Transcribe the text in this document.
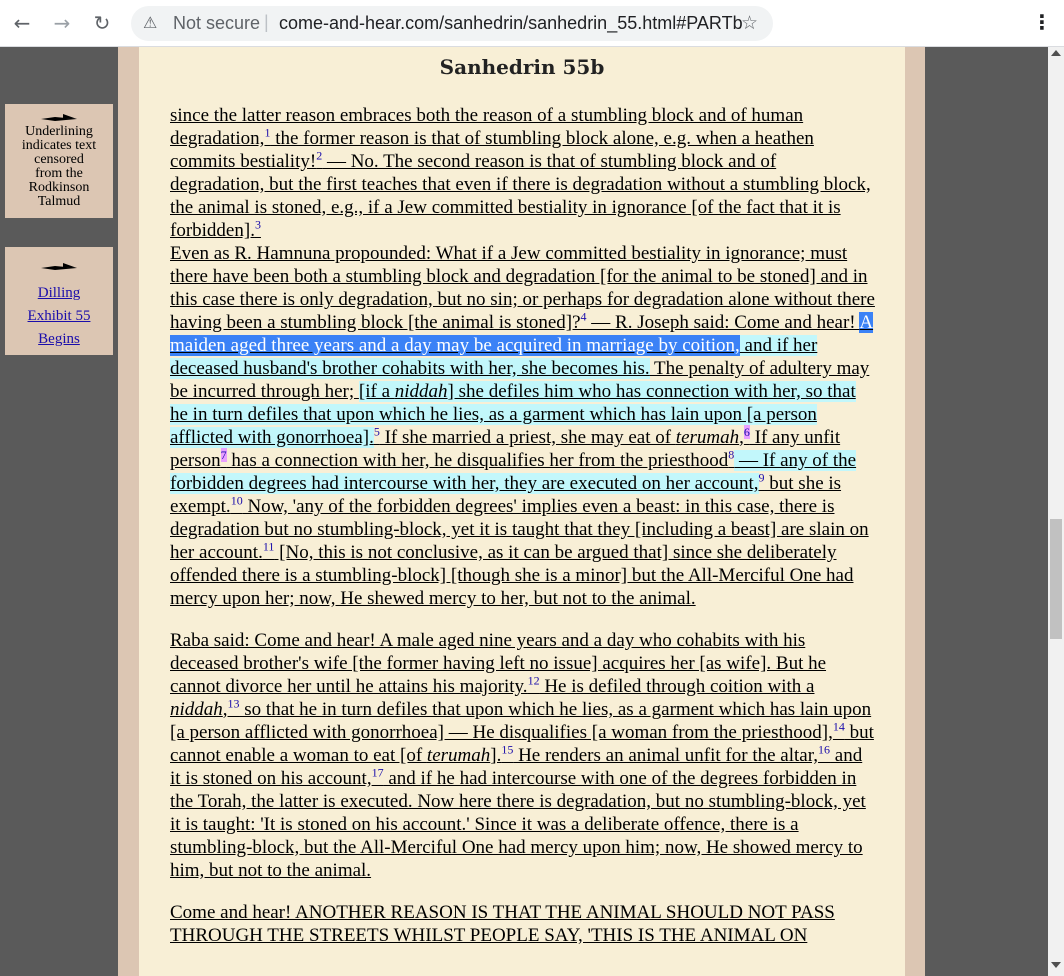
← → ↻ ⚠ Not secure | come-and-hear.com/sanhedrin/sanhedrin_55.html#PARTb
☆	⋮
Sanhedrin 55b

since the latter reason embraces both the reason of a stumbling block and of human degradation,$^1$ the former reason is that of stumbling block alone, e.g. when a heathen commits bestiality!$^2$ — No. The second reason is that of stumbling block and of degradation, but the first teaches that even if there is degradation without a stumbling block, the animal is stoned, e.g., if a Jew committed bestiality in ignorance [of the fact that it is forbidden].$^3$
Even as R. Hamnuna propounded: What if a Jew committed bestiality in ignorance; must there have been both a stumbling block and degradation [for the animal to be stoned] and in this case there is only degradation, but no sin; or perhaps for degradation alone without there having been a stumbling block [the animal is stoned]?$^4$ — R. Joseph said: Come and hear! A maiden aged three years and a day may be acquired in marriage by coition, and if her deceased husband's brother cohabits with her, she becomes his. The penalty of adultery may be incurred through her; [if a niddah] she defiles him who has connection with her, so that he in turn defiles that upon which he lies, as a garment which has lain upon [a person afflicted with gonorrhoea].$^5$ If she married a priest, she may eat of terumah,$^6$ If any unfit person$^7$ has a connection with her, he disqualifies her from the priesthood$^8$ — If any of the forbidden degrees had intercourse with her, they are executed on her account,$^9$ but she is exempt.$^{10}$ Now, 'any of the forbidden degrees' implies even a beast: in this case, there is degradation but no stumbling-block, yet it is taught that they [including a beast] are slain on her account.$^{11}$ [No, this is not conclusive, as it can be argued that] since she deliberately offended there is a stumbling-block] [though she is a minor] but the All-Merciful One had mercy upon her; now, He shewed mercy to her, but not to the animal.

Raba said: Come and hear! A male aged nine years and a day who cohabits with his deceased brother's wife [the former having left no issue] acquires her [as wife]. But he cannot divorce her until he attains his majority.$^{12}$ He is defiled through coition with a niddah,$^{13}$ so that he in turn defiles that upon which he lies, as a garment which has lain upon [a person afflicted with gonorrhoea] — He disqualifies [a woman from the priesthood],$^{14}$ but cannot enable a woman to eat [of terumah].$^{15}$ He renders an animal unfit for the altar,$^{16}$ and it is stoned on his account,$^{17}$ and if he had intercourse with one of the degrees forbidden in the Torah, the latter is executed. Now here there is degradation, but no stumbling-block, yet it is taught: 'It is stoned on his account.' Since it was a deliberate offence, there is a stumbling-block, but the All-Merciful One had mercy upon him; now, He showed mercy to him, but not to the animal.

Come and hear! ANOTHER REASON IS THAT THE ANIMAL SHOULD NOT PASS THROUGH THE STREETS WHILST PEOPLE SAY, 'THIS IS THE ANIMAL ON

Underlining
indicates text
censored
from the
Rodkinson
Talmud
Dilling
Exhibit 55
Begins
